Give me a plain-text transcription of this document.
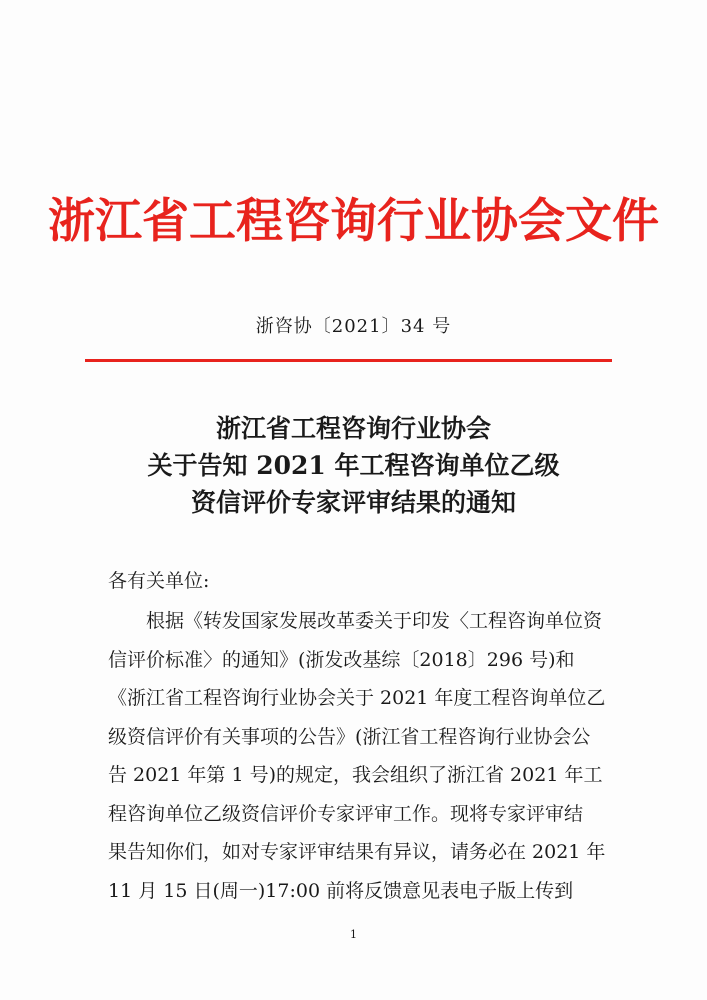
浙江省工程咨询行业协会文件
浙咨协〔2021〕34 号
浙江省工程咨询行业协会
关于告知 2021 年工程咨询单位乙级
资信评价专家评审结果的通知
各有关单位:
根据《转发国家发展改革委关于印发〈工程咨询单位资
信评价标准〉的通知》(浙发改基综〔2018〕296 号)和
《浙江省工程咨询行业协会关于 2021 年度工程咨询单位乙
级资信评价有关事项的公告》(浙江省工程咨询行业协会公
告 2021 年第 1 号)的规定，我会组织了浙江省 2021 年工
程咨询单位乙级资信评价专家评审工作。现将专家评审结
果告知你们，如对专家评审结果有异议，请务必在 2021 年
11 月 15 日(周一)17:00 前将反馈意见表电子版上传到
1
